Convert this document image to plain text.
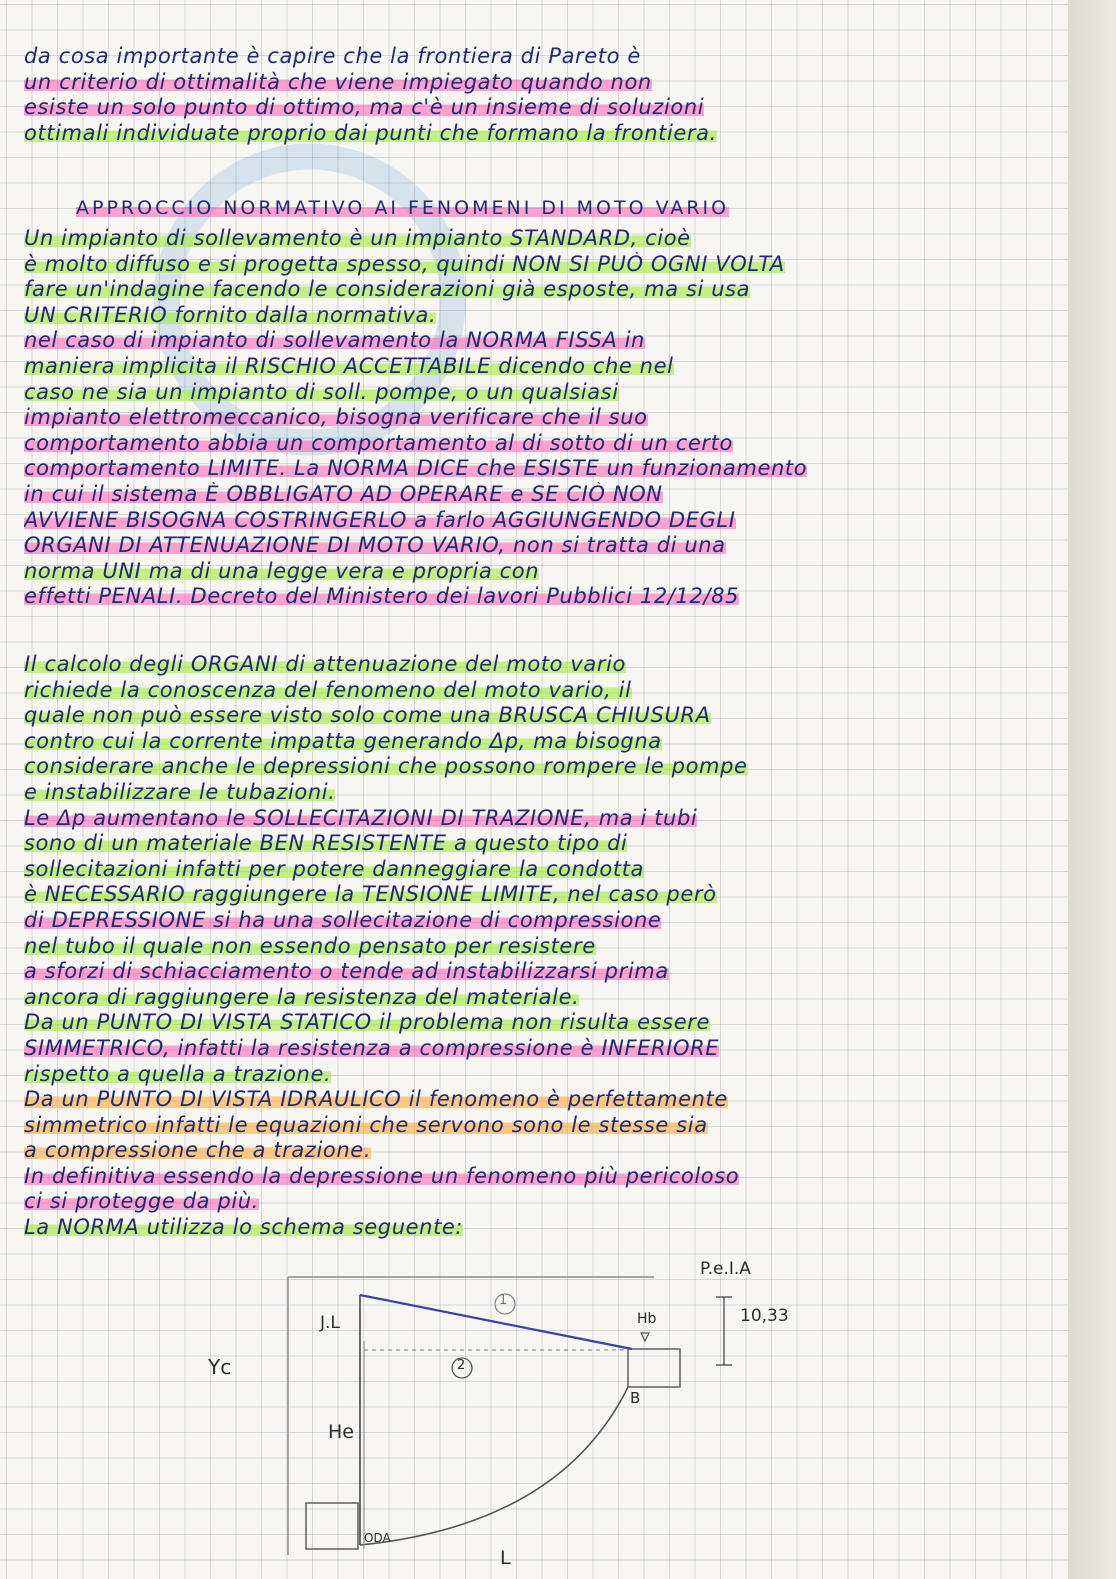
da cosa importante è capire che la frontiera di Pareto è
un criterio di ottimalità che viene impiegato quando non
esiste un solo punto di ottimo, ma c'è un insieme di soluzioni
ottimali individuate proprio dai punti che formano la frontiera.
APPROCCIO NORMATIVO AI FENOMENI DI MOTO VARIO
Un impianto di sollevamento è un impianto STANDARD, cioè
è molto diffuso e si progetta spesso, quindi NON SI PUÒ OGNI VOLTA
fare un'indagine facendo le considerazioni già esposte, ma si usa
UN CRITERIO fornito dalla normativa.
nel caso di impianto di sollevamento la NORMA FISSA in
maniera implicita il RISCHIO ACCETTABILE dicendo che nel
caso ne sia un impianto di soll. pompe, o un qualsiasi
impianto elettromeccanico, bisogna verificare che il suo
comportamento abbia un comportamento al di sotto di un certo
comportamento LIMITE. La NORMA DICE che ESISTE un funzionamento
in cui il sistema È OBBLIGATO AD OPERARE e SE CIÒ NON
AVVIENE BISOGNA COSTRINGERLO a farlo AGGIUNGENDO DEGLI
ORGANI DI ATTENUAZIONE DI MOTO VARIO, non si tratta di una
norma UNI ma di una legge vera e propria con
effetti PENALI. Decreto del Ministero dei lavori Pubblici 12/12/85
Il calcolo degli ORGANI di attenuazione del moto vario
richiede la conoscenza del fenomeno del moto vario, il
quale non può essere visto solo come una BRUSCA CHIUSURA
contro cui la corrente impatta generando Δp, ma bisogna
considerare anche le depressioni che possono rompere le pompe
e instabilizzare le tubazioni.
Le Δp aumentano le SOLLECITAZIONI DI TRAZIONE, ma i tubi
sono di un materiale BEN RESISTENTE a questo tipo di
sollecitazioni infatti per potere danneggiare la condotta
è NECESSARIO raggiungere la TENSIONE LIMITE, nel caso però
di DEPRESSIONE si ha una sollecitazione di compressione
nel tubo il quale non essendo pensato per resistere
a sforzi di schiacciamento o tende ad instabilizzarsi prima
ancora di raggiungere la resistenza del materiale.
Da un PUNTO DI VISTA STATICO il problema non risulta essere
SIMMETRICO, infatti la resistenza a compressione è INFERIORE
rispetto a quella a trazione.
Da un PUNTO DI VISTA IDRAULICO il fenomeno è perfettamente
simmetrico infatti le equazioni che servono sono le stesse sia
a compressione che a trazione.
In definitiva essendo la depressione un fenomeno più pericoloso
ci si protegge da più.
La NORMA utilizza lo schema seguente:
P.e.I.A
10,33
J.L	Hb
B
Yc
He
1
2
ODA
L
